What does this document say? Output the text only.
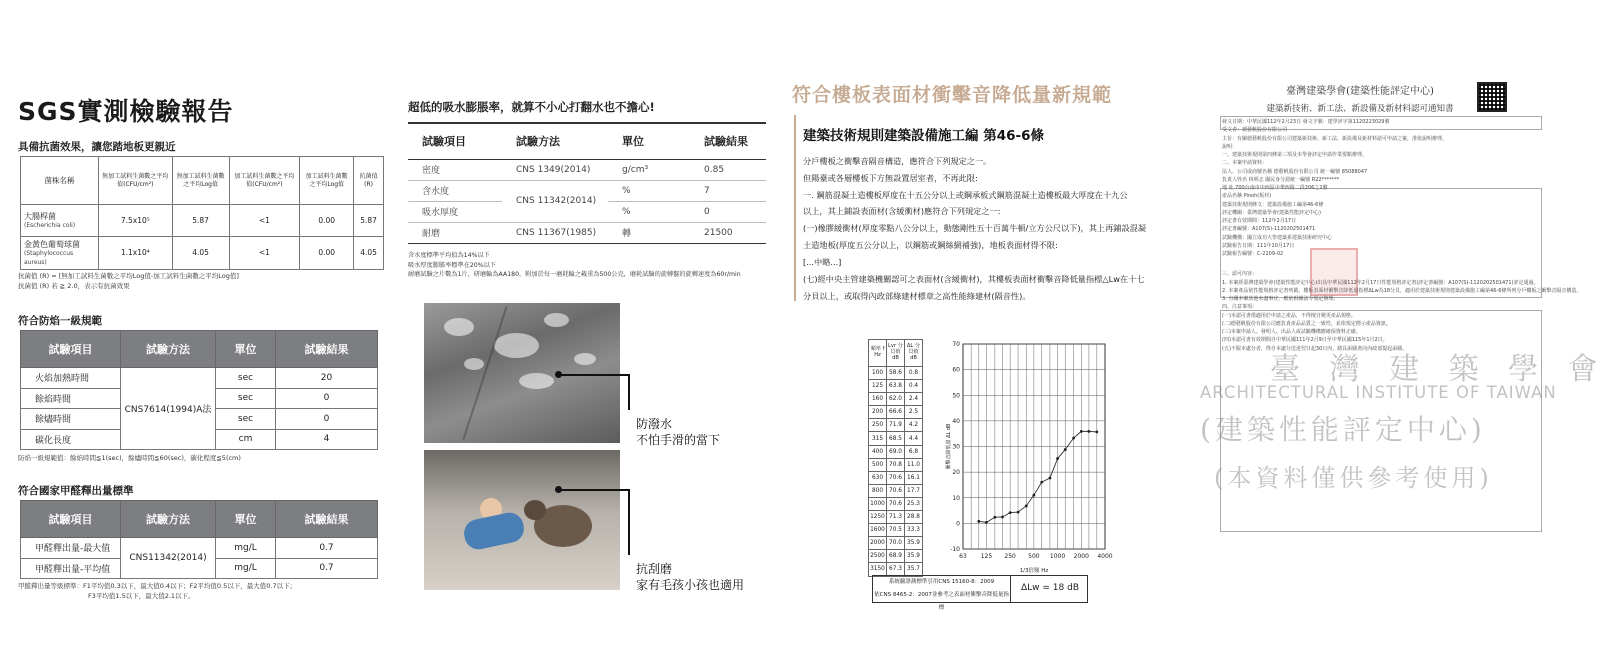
SGS實測檢驗報告
具備抗菌效果，讓您踏地板更親近
菌株名稱	無加工試料生菌數之平均值(CFU/cm²)	無加工試料生菌數之平均Log值	加工試料生菌數之平均值(CFU/cm²)	加工試料生菌數之平均Log值	抗菌值 (R)

大腸桿菌
(Escherichia coli)	7.5x10⁵	5.87	<1	0.00	5.87

金黃色葡萄球菌
(Staphylococcus aureus)	1.1x10⁴	4.05	<1	0.00	4.05
抗菌值 (R) = [無加工試料生菌數之平均Log值-加工試料生菌數之平均Log值]
抗菌值 (R) 若 ≧ 2.0，表示有抗菌效果
符合防焰一級規範
試驗項目	試驗方法	單位	試驗結果
火焰加熱時間	CNS7614(1994)A法	sec	20
餘焰時間		sec	0
餘燼時間		sec	0
碳化長度		cm	4
防焰一級規範值：餘焰時間≦1(sec)，餘燼時間≦60(sec)，碳化程度≦5(cm)
符合國家甲醛釋出量標準
試驗項目	試驗方法	單位	試驗結果
甲醛釋出量-最大值	CNS11342(2014)	mg/L	0.7
甲醛釋出量-平均值		mg/L	0.7
甲醛釋出量等級標準：F1平均值0.3以下，最大值0.4以下；F2平均值0.5以下，最大值0.7以下；
F3平均值1.5以下，最大值2.1以下。
超低的吸水膨脹率，就算不小心打翻水也不擔心!
試驗項目	試驗方法	單位	試驗結果
密度	CNS 1349(2014)	g/cm³	0.85
含水度	CNS 11342(2014)	%	7
吸水厚度		%	0
耐磨	CNS 11367(1985)	轉	21500
含水度標準平均值為14%以下
吸水厚度膨脹率標準在20%以下
耐磨試驗之片數為1片，研磨輪為AA180，附加於每一磨耗輪之載重為500公克，磨耗試驗的旋轉盤的旋轉速度為60r/min
防潑水
不怕手滑的當下
抗刮磨
家有毛孩小孩也適用
符合樓板表面材衝擊音降低量新規範
建築技術規則建築設備施工編 第46-6條
分戶樓板之衝擊音隔音構造，應符合下列規定之一。
但陽臺或各層樓板下方無設置居室者，不再此限:
一. 鋼筋混凝土造樓板厚度在十五公分以上或鋼承板式鋼筋混凝土造樓板最大厚度在十九公
以上，其上鋪設表面材(含緩衝材)應符合下列規定之一:
(一)橡膠緩衝材(厚度零點八公分以上，動態剛性五十百萬牛頓/立方公尺以下)，其上再鋪設混凝
土造地板(厚度五公分以上，以鋼筋或鋼絲網補強)，地板表面材得不限:
[...中略...]
(七)經中央主管建築機關認可之表面材(含緩衝材)，其樓板表面材衝擊音降低量指標△Lw在十七
分貝以上，或取得內政部綠建材標章之高性能綠建材(隔音性)。
頻率 f Hz	Lvr 分貝值 dB	ΔL 分貝值 dB
100	58.6	0.8
125	63.8	0.4
160	62.0	2.4
200	66.6	2.5
250	71.9	4.2
315	68.5	4.4
400	69.0	6.8
500	70.8	11.0
630	70.6	16.1
800	70.6	17.7
1000	70.6	25.3
1250	71.3	28.8
1600	70.5	33.3
2000	70.0	35.9
2500	68.9	35.9
3150	67.3	35.7
70
60
50
40
30
20
10
0
-10
63 125 250 500 1000 2000 4000
1/3倍頻 Hz
衝擊音降低量 ΔL dB
系統驗證測標準引用CNS 15160-8：2009
依CNS 8465-2：2007並參考之表面材衝擊音降低量指標
ΔLw = 18 dB
臺灣建築學會(建築性能評定中心)
建築新技術、新工法、新設備及新材料認可通知書
發文日期：中華民國112年2月23日 發文字號：建學評字第1120223029號
受文者：德藝帆股份有限公司
主旨：有關德藝帆股份有限公司建築新技術、新工法、新設備及新材料認可申請之案，准依說明辦理。
說明：
一、建築技術規則第四條第三項及本學會評定申請作業要點辦理。
二、本案申請資料：
法人、公司或商號名稱 德藝帆股份有限公司 統一編號 85088047
負責人姓名 林明志 國民身分證統一編號 R22*******
地 址 700台南市中西區中華西路二段206之2號
產品名稱 Pinoh(板材)
建築技術規則條文：建築設備施工編第46-6條
評定機關：臺灣建築學會(建築性能評定中心)
評定書有效期間：112年2月17日
評定書編號：A107(S)-1120202501471
試驗機構：國立成功大學建築系建築技術研究中心
試驗報告日期：111年10月17日
試驗報告編號：C-2209-02
三、認可內容：
1. 本案經臺灣建築學會(建築性能評定中心)出具中華民國112年2月17日性能規格評定書(評定書編號：A107(S)-1120202501471)評定通過。
2. 本案產品依性能規格評定書列載，樓板表面材衝擊音降低量指標ΔLw為18分貝，適用於建築技術規則建築設備施工編第46-6條所列分戶樓板之衝擊音隔音構造。
3. 有關本案其他未盡事宜，應依相關法令規定辦理。
四、注意事項：
(一)本認可書僅適用於申請之產品，不得擅自變更產品規格。
(二)德藝帆股份有限公司應負責產品品質之一致性，並依規定標示產品資訊。
(三)本案申請人、發明人、出品人或試驗機構應確保資料正確。
(四)本認可書有效期間自中華民國111年2月9日至中華民國115年1月2日。
(五)不服本處分者，得自本處分送達翌日起30日內，繕具訴願書向內政部提起訴願。
臺 灣 建 築 學 會
ARCHITECTURAL INSTITUTE OF TAIWAN
(建築性能評定中心)
(本資料僅供參考使用)
